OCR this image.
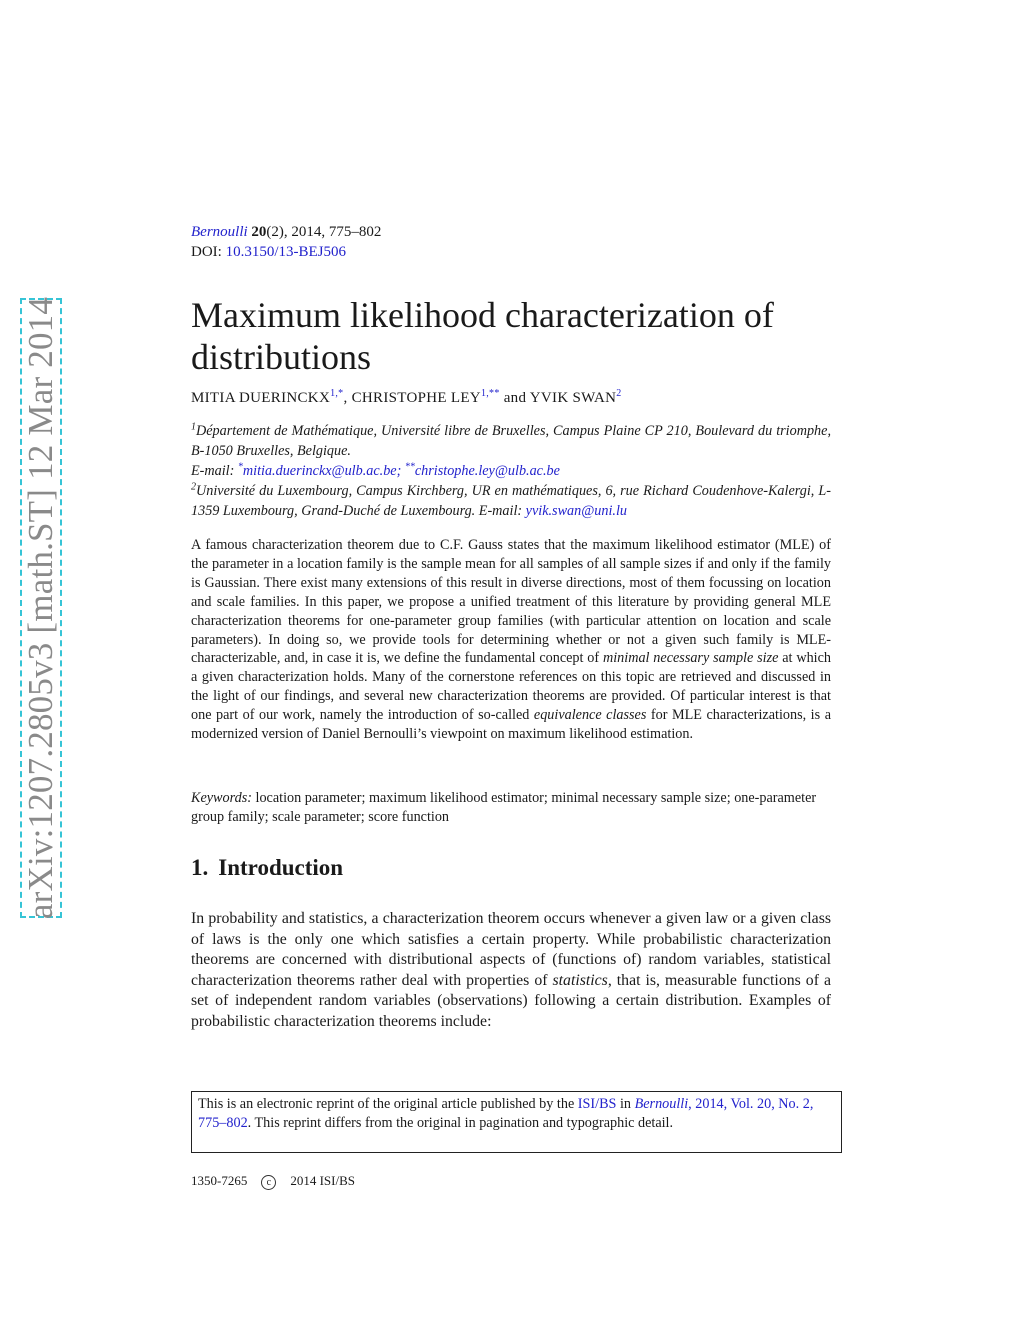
arXiv:1207.2805v3 [math.ST] 12 Mar 2014
Bernoulli 20(2), 2014, 775–802
DOI: 10.3150/13-BEJ506
Maximum likelihood characterization of distributions
MITIA $DUERINCKX^{1,*}$, CHRISTOPHE $LEY^{1,**}$ and YVIK SWAN$^2$

$^1$Département de Mathématique, Université libre de Bruxelles, Campus Plaine CP 210, Boulevard du triomphe, B-1050 Bruxelles, Belgique.

E-mail: *mitia.duerinckx@ulb.ac.be; **christophe.ley@ulb.ac.be

$^2$Université du Luxembourg, Campus Kirchberg, UR en mathématiques, 6, rue Richard Coudenhove-Kalergi, L-1359 Luxembourg, Grand-Duché de Luxembourg. E-mail: yvik.swan@uni.lu

A famous characterization theorem due to C.F. Gauss states that the maximum likelihood estimator (MLE) of the parameter in a location family is the sample mean for all samples of all sample sizes if and only if the family is Gaussian. There exist many extensions of this result in diverse directions, most of them focussing on location and scale families. In this paper, we propose a unified treatment of this literature by providing general MLE characterization theorems for one-parameter group families (with particular attention on location and scale parameters). In doing so, we provide tools for determining whether or not a given such family is MLE-characterizable, and, in case it is, we define the fundamental concept of minimal necessary sample size at which a given characterization holds. Many of the cornerstone references on this topic are retrieved and discussed in the light of our findings, and several new characterization theorems are provided. Of particular interest is that one part of our work, namely the introduction of so-called equivalence classes for MLE characterizations, is a modernized version of Daniel Bernoulli’s viewpoint on maximum likelihood estimation.

Keywords: location parameter; maximum likelihood estimator; minimal necessary sample size; one-parameter group family; scale parameter; score function

1. Introduction

In probability and statistics, a characterization theorem occurs whenever a given law or a given class of laws is the only one which satisfies a certain property. While probabilistic characterization theorems are concerned with distributional aspects of (functions of) random variables, statistical characterization theorems rather deal with properties of statistics, that is, measurable functions of a set of independent random variables (observations) following a certain distribution. Examples of probabilistic characterization theorems include:

This is an electronic reprint of the original article published by the ISI/BS in Bernoulli, 2014, Vol. 20, No. 2, 775–802. This reprint differs from the original in pagination and typographic detail.
1350-7265 c 2014 ISI/BS
